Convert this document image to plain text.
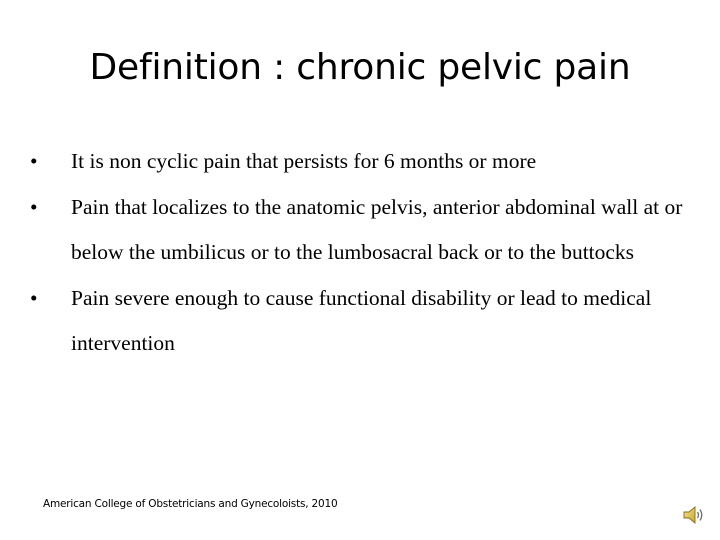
Definition : chronic pelvic pain
•	It is non cyclic pain that persists for 6 months or more
•	Pain that localizes to the anatomic pelvis, anterior abdominal wall at or below the umbilicus or to the lumbosacral back or to the buttocks
•	Pain severe enough to cause functional disability or lead to medical intervention
American College of Obstetricians and Gynecoloists, 2010
